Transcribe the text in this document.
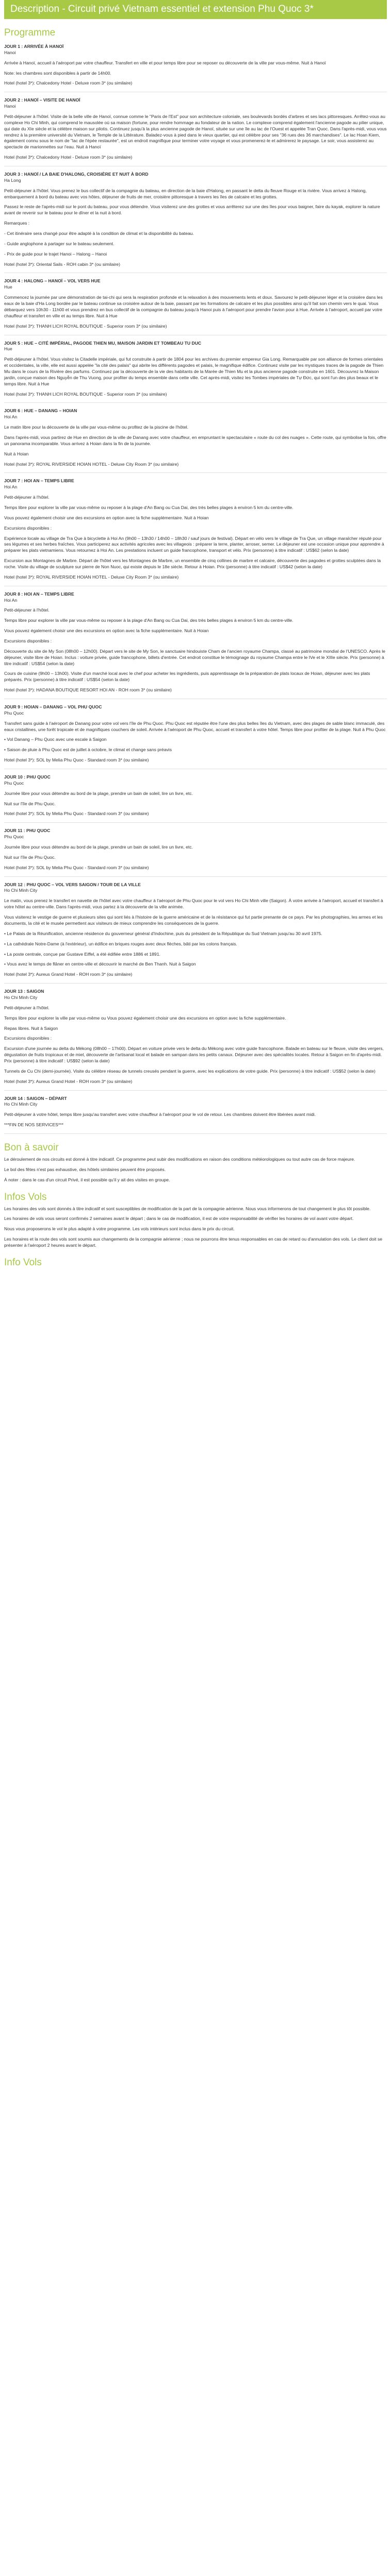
Description - Circuit privé Vietnam essentiel et extension Phu Quoc 3*
Programme
JOUR 1 : ARRIVÉE À HANOÏ
Hanoi

Arrivée à Hanoï, accueil à l'aéroport par votre chauffeur. Transfert en ville et pour temps libre pour se reposer ou découverte de la ville par vous-même. Nuit à Hanoï

Note: les chambres sont disponibles à partir de 14h00.

Hotel (hotel 3*): Chalcedony Hotel - Deluxe room 3* (ou similaire)
JOUR 2 : HANOÏ – VISITE DE HANOÏ
Hanoi

Petit-déjeuner à l'hôtel. Visite de la belle ville de Hanoï, connue comme le "Paris de l'Est" pour son architecture coloniale, ses boulevards bordés d'arbres et ses lacs pittoresques. Arrêtez-vous au complexe Ho Chi Minh, qui comprend le mausolée où sa maison (fortune, pour rendre hommage au fondateur de la nation. Le complexe comprend également l'ancienne pagode au pilier unique, qui date du XIe siècle et la célèbre maison sur pilotis. Continuez jusqu'à la plus ancienne pagode de Hanoï, située sur une île au lac de l'Ouest et appelée Tran Quoc. Dans l'après-midi, vous vous rendrez à la première université du Vietnam, le Temple de la Littérature. Baladez-vous à pied dans le vieux quartier, qui est célèbre pour ses "36 rues des 36 marchandises". Le lac Hoan Kiem, également connu sous le nom de "lac de l'épée restaurée", est un endroit magnifique pour terminer votre voyage et vous promenerez-le et admirerez le paysage. Le soir, vous assisterez au spectacle de marionnettes sur l'eau. Nuit à Hanoï

Hotel (hotel 3*): Chalcedony Hotel - Deluxe room 3* (ou similaire)
JOUR 3 : HANOÏ / LA BAIE D'HALONG, CROISIÈRE ET NUIT À BORD
Ha Long

Petit-déjeuner à l'hôtel. Vous prenez le bus collectif de la compagnie du bateau, en direction de la baie d'Halong, en passant le delta du fleuve Rouge et la rivière. Vous arrivez à Halong, embarquement à bord du bateau avec vos hôtes, déjeuner de fruits de mer, croisière pittoresque à travers les îles de calcaire et les grottes.

Passez le reste de l'après-midi sur le pont du bateau, pour vous détendre. Vous visiterez une des grottes et vous arrêterez sur une des îles pour vous baigner, faire du kayak, explorer la nature avant de revenir sur le bateau pour le dîner et la nuit à bord.

Remarques :

- Cet itinéraire sera changé pour être adapté à la condition de climat et la disponibilité du bateau.

- Guide anglophone à partager sur le bateau seulement.

- Prix de guide pour le trajet Hanoi – Halong – Hanoi

Hotel (hotel 3*): Oriental Sails - ROH cabin 3* (ou similaire)
JOUR 4 : HALONG – HANOÏ – VOL VERS HUE
Hue

Commencez la journée par une démonstration de tai-chi qui sera la respiration profonde et la relaxation à des mouvements lents et doux. Savourez le petit-déjeuner léger et la croisière dans les eaux de la baie d'Ha Long bordée par le bateau continue sa croisière autour de la baie, passant par les formations de calcaire et les plus possibles ainsi qu'il fait son chemin vers le quai. Vous débarquez vers 10h30 - 11h00 et vous prendrez en bus collectif de la compagnie du bateau jusqu'à Hanoi puis à l'aéroport pour prendre l'avion pour à Hue. Arrivée à l'aéroport, accueil par votre chauffeur et transfert en ville et au temps libre. Nuit à Hue

Hotel (hotel 3*): THANH LICH ROYAL BOUTIQUE - Superior room 3* (ou similaire)
JOUR 5 : HUE – CITÉ IMPÉRIAL, PAGODE THIEN MU, MAISON JARDIN ET TOMBEAU TU DUC
Hue

Petit-déjeuner à l'hôtel. Vous visitez la Citadelle impériale, qui fut construite à partir de 1804 pour les archives du premier empereur Gia Long. Remarquable par son alliance de formes orientales et occidentales, la ville, elle est aussi appelée "la cité des palais" qui abrite les différents pagodes et palais, le magnifique édifice. Continuez visite par les mystiques traces de la pagode de Thien Mu dans le cours de la Rivière des parfums. Continuez par la découverte de la vie des habitants de la Marée de Thien Mu et la plus ancienne pagode construite en 1601. Découvrez la Maison jardin, conçue maison des Nguyễn de Thu Vuong, pour profiter du temps ensemble dans cette ville. Cet après-midi, visitez les Tombes impériales de Tự Đức, qui sont l'un des plus beaux et le temps libre. Nuit à Hue

Hotel (hotel 3*): THANH LICH ROYAL BOUTIQUE - Superior room 3* (ou similaire)
JOUR 6 : HUE – DANANG – HOIAN
Hoi An

Le matin libre pour la découverte de la ville par vous-même ou profitez de la piscine de l'hôtel.

Dans l'après-midi, vous partirez de Hue en direction de la ville de Danang avec votre chauffeur, en empruntant le spectaculaire « route du col des nuages ». Cette route, qui symbolise la fois, offre un panorama incomparable. Vous arrivez à Hoian dans la fin de la journée.

Nuit à Hoian

Hotel (hotel 3*): ROYAL RIVERSIDE HOIAN HOTEL - Deluxe City Room 3* (ou similaire)
JOUR 7 : HOI AN – TEMPS LIBRE
Hoi An

Petit-déjeuner à l'hôtel.

Temps libre pour explorer la ville par vous-même ou reposer à la plage d'An Bang ou Cua Dai, des très belles plages à environ 5 km du centre-ville.

Vous pouvez également choisir une des excursions en option avec la fiche supplémentaire. Nuit à Hoian

Excursions disponibles :

Expérience locale au village de Tra Que à bicyclette à Hoi An (9h00 – 13h30 / 14h00 – 18h30 / sauf jours de festival). Départ en vélo vers le village de Tra Que, un village maraîcher réputé pour ses légumes et ses herbes fraîches. Vous participerez aux activités agricoles avec les villageois : préparer la terre, planter, arroser, semer. Le déjeuner est une occasion unique pour apprendre à préparer les plats vietnamiens. Vous retournez à Hoi An. Les prestations incluent un guide francophone, transport et vélo. Prix (personne) à titre indicatif : US$62 (selon la date)

Excursion aux Montagnes de Marbre. Départ de l'hôtel vers les Montagnes de Marbre, un ensemble de cinq collines de marbre et calcaire, découverte des pagodes et grottes sculptées dans la roche. Visite du village de sculpture sur pierre de Non Nuoc, qui existe depuis le 18e siècle. Retour à Hoian. Prix (personne) à titre indicatif : US$42 (selon la date)

Hotel (hotel 3*): ROYAL RIVERSIDE HOIAN HOTEL - Deluxe City Room 3* (ou similaire)
JOUR 8 : HOI AN – TEMPS LIBRE
Hoi An

Petit-déjeuner à l'hôtel.

Temps libre pour explorer la ville par vous-même ou reposer à la plage d'An Bang ou Cua Dai, des très belles plages à environ 5 km du centre-ville.

Vous pouvez également choisir une des excursions en option avec la fiche supplémentaire. Nuit à Hoian

Excursions disponibles :

Découverte du site de My Son (08h00 – 12h00). Départ vers le site de My Son, le sanctuaire hindouiste Cham de l'ancien royaume Champa, classé au patrimoine mondial de l'UNESCO. Après le déjeuner, visite libre de Hoian. Inclus : voiture privée, guide francophone, billets d'entrée. Cet endroit constitue le témoignage du royaume Champa entre le IVe et le XIIIe siècle. Prix (personne) à titre indicatif : US$54 (selon la date)

Cours de cuisine (9h00 – 13h00). Visite d'un marché local avec le chef pour acheter les ingrédients, puis apprentissage de la préparation de plats locaux de Hoian, déjeuner avec les plats préparés. Prix (personne) à titre indicatif : US$54 (selon la date)

Hotel (hotel 3*): HADANA BOUTIQUE RESORT HOI AN - ROH room 3* (ou similaire)
JOUR 9 : HOIAN – DANANG – VOL PHU QUOC
Phu Quoc

Transfert sans guide à l'aéroport de Danang pour votre vol vers l'île de Phu Quoc. Phu Quoc est réputée être l'une des plus belles îles du Vietnam, avec des plages de sable blanc immaculé, des eaux cristallines, une forêt tropicale et de magnifiques couchers de soleil. Arrivée à l'aéroport de Phu Quoc, accueil et transfert à votre hôtel. Temps libre pour profiter de la plage. Nuit à Phu Quoc

• Vol Danang – Phu Quoc avec une escale à Saigon

• Saison de pluie à Phu Quoc est de juillet à octobre, le climat et change sans préavis

Hotel (hotel 3*): SOL by Melia Phu Quoc - Standard room 3* (ou similaire)
JOUR 10 : PHU QUOC
Phu Quoc

Journée libre pour vous détendre au bord de la plage, prendre un bain de soleil, lire un livre, etc.

Nuit sur l'île de Phu Quoc.

Hotel (hotel 3*): SOL by Melia Phu Quoc - Standard room 3* (ou similaire)
JOUR 11 : PHU QUOC
Phu Quoc

Journée libre pour vous détendre au bord de la plage, prendre un bain de soleil, lire un livre, etc.

Nuit sur l'île de Phu Quoc.

Hotel (hotel 3*): SOL by Melia Phu Quoc - Standard room 3* (ou similaire)
JOUR 12 : PHU QUOC – VOL VERS SAIGON / TOUR DE LA VILLE
Ho Chi Minh City

Le matin, vous prenez le transfert en navette de l'hôtel avec votre chauffeur à l'aéroport de Phu Quoc pour le vol vers Ho Chi Minh ville (Saigon). À votre arrivée à l'aéroport, accueil et transfert à votre hôtel au centre-ville. Dans l'après-midi, vous partez à la découverte de la ville animée.

Vous visiterez le vestige de guerre et plusieurs sites qui sont liés à l'histoire de la guerre américaine et de la résistance qui fut partie prenante de ce pays. Par les photographies, les armes et les documents, la cité et le musée permettent aux visiteurs de mieux comprendre les conséquences de la guerre.

• Le Palais de la Réunification, ancienne résidence du gouverneur général d'Indochine, puis du président de la République du Sud Vietnam jusqu'au 30 avril 1975.

• La cathédrale Notre-Dame (à l'extérieur), un édifice en briques rouges avec deux flèches, bâti par les colons français.

• La poste centrale, conçue par Gustave Eiffel, a été édifiée entre 1886 et 1891.

• Vous avez le temps de flâner en centre-ville et découvrir le marché de Ben Thanh. Nuit à Saigon

Hotel (hotel 3*): Aureus Grand Hotel - ROH room 3* (ou similaire)
JOUR 13 : SAIGON
Ho Chi Minh City

Petit-déjeuner à l'hôtel.

Temps libre pour explorer la ville par vous-même ou Vous pouvez également choisir une des excursions en option avec la fiche supplémentaire.

Repas libres. Nuit à Saigon

Excursions disponibles :

Excursion d'une journée au delta du Mékong (08h00 – 17h00). Départ en voiture privée vers le delta du Mékong avec votre guide francophone. Balade en bateau sur le fleuve, visite des vergers, dégustation de fruits tropicaux et de miel, découverte de l'artisanat local et balade en sampan dans les petits canaux. Déjeuner avec des spécialités locales. Retour à Saigon en fin d'après-midi. Prix (personne) à titre indicatif : US$92 (selon la date)

Tunnels de Cu Chi (demi-journée). Visite du célèbre réseau de tunnels creusés pendant la guerre, avec les explications de votre guide. Prix (personne) à titre indicatif : US$52 (selon la date)

Hotel (hotel 3*): Aureus Grand Hotel - ROH room 3* (ou similaire)
JOUR 14 : SAIGON – DÉPART
Ho Chi Minh City

Petit-déjeuner à votre hôtel, temps libre jusqu'au transfert avec votre chauffeur à l'aéroport pour le vol de retour. Les chambres doivent être libérées avant midi.

***FIN DE NOS SERVICES***

Bon à savoir

Le déroulement de nos circuits est donné à titre indicatif. Ce programme peut subir des modifications en raison des conditions météorologiques ou tout autre cas de force majeure.

Le bol des fêtes n'est pas exhaustive, des hôtels similaires peuvent être proposés.

À noter : dans le cas d'un circuit Privé, il est possible qu'il y ait des visites en groupe.

Infos Vols

Les horaires des vols sont donnés à titre indicatif et sont susceptibles de modification de la part de la compagnie aérienne. Nous vous informerons de tout changement le plus tôt possible.

Les horaires de vols vous seront confirmés 2 semaines avant le départ ; dans le cas de modification, il est de votre responsabilité de vérifier les horaires de vol avant votre départ.

Nous vous proposerons le vol le plus adapté à votre programme. Les vols intérieurs sont inclus dans le prix du circuit.

Les horaires et la route des vols sont soumis aux changements de la compagnie aérienne ; nous ne pourrons être tenus responsables en cas de retard ou d'annulation des vols. Le client doit se présenter à l'aéroport 2 heures avant le départ.

Info Vols
